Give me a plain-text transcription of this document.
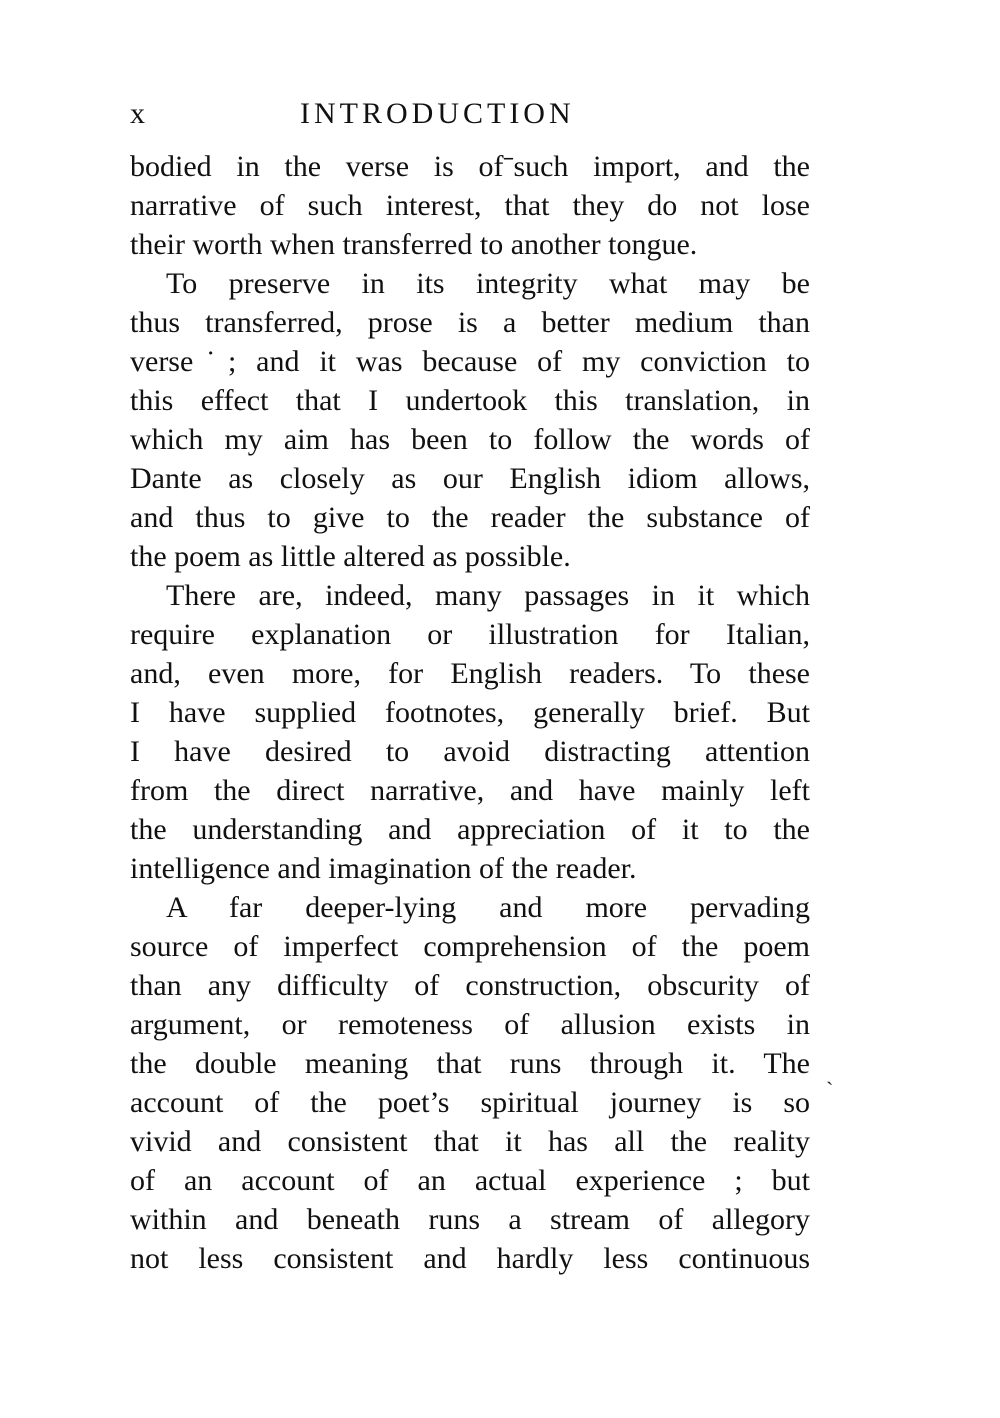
x	INTRODUCTION
bodied in the verse is ofˉsuch import, and the
narrative of such interest, that they do not lose
their worth when transferred to another tongue.
To preserve in its integrity what may be
thus transferred, prose is a better medium than
verse˙; and it was because of my conviction to
this effect that I undertook this translation, in
which my aim has been to follow the words of
Dante as closely as our English idiom allows,
and thus to give to the reader the substance of
the poem as little altered as possible.
There are, indeed, many passages in it which
require explanation or illustration for Italian,
and, even more, for English readers. To these
I have supplied footnotes, generally brief. But
I have desired to avoid distracting attention
from the direct narrative, and have mainly left
the understanding and appreciation of it to the
intelligence and imagination of the reader.
A far deeper-lying and more pervading
source of imperfect comprehension of the poem
than any difficulty of construction, obscurity of
argument, or remoteness of allusion exists in
the double meaning that runs through it. The
account of the poet’s spiritual journey is so
vivid and consistent that it has all the reality
of an account of an actual experience ; but
within and beneath runs a stream of allegory
not less consistent and hardly less continuous
ˏ
